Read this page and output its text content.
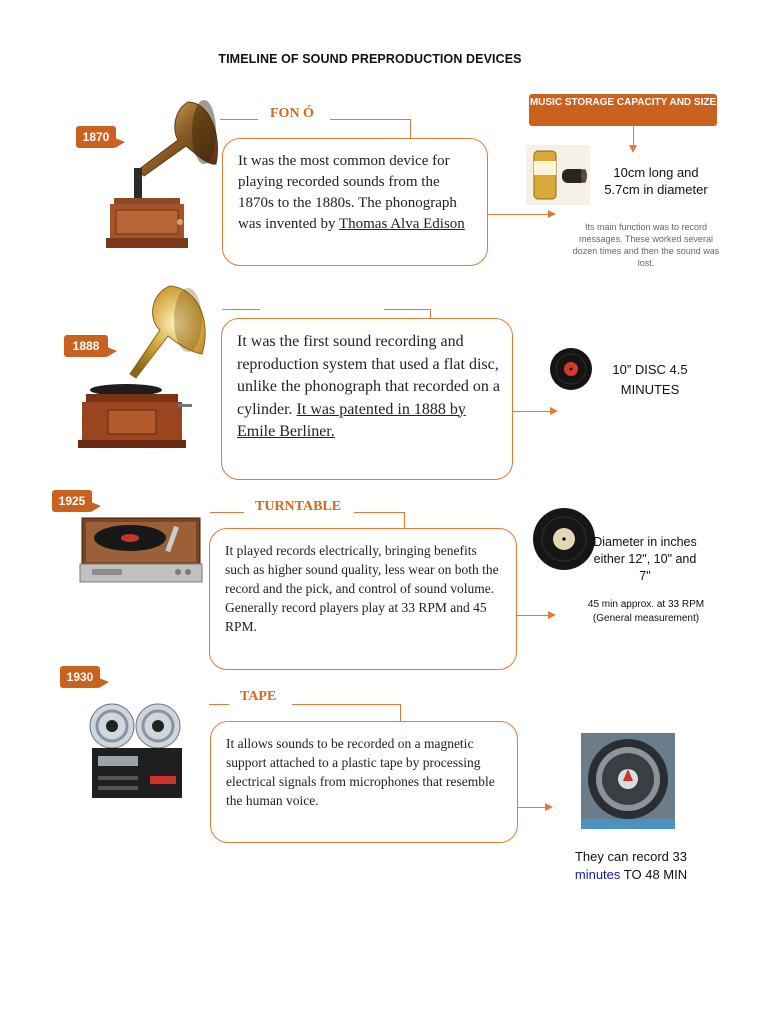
TIMELINE OF SOUND PREPRODUCTION DEVICES
1870
FON Ó
It was the most common device for playing recorded sounds from the 1870s to the 1880s. The phonograph was invented by Thomas Alva Edison
MUSIC STORAGE CAPACITY AND SIZE
10cm long and 5.7cm in diameter
Its main function was to record messages. These worked several dozen times and then the sound was lost.
1888	It was the first sound recording and reproduction system that used a flat disc, unlike the phonograph that recorded on a cylinder. It was patented in 1888 by Emile Berliner.
10” DISC 4.5 MINUTES
1925	TURNTABLE
It played records electrically, bringing benefits such as higher sound quality, less wear on both the record and the pick, and control of sound volume. Generally record players play at 33 RPM and 45 RPM.
Diameter in inches either 12", 10" and 7"
45 min approx. at 33 RPM (General measurement)
1930
TAPE
It allows sounds to be recorded on a magnetic support attached to a plastic tape by processing electrical signals from microphones that resemble the human voice.
They can record 33
minutes TO 48 MIN
